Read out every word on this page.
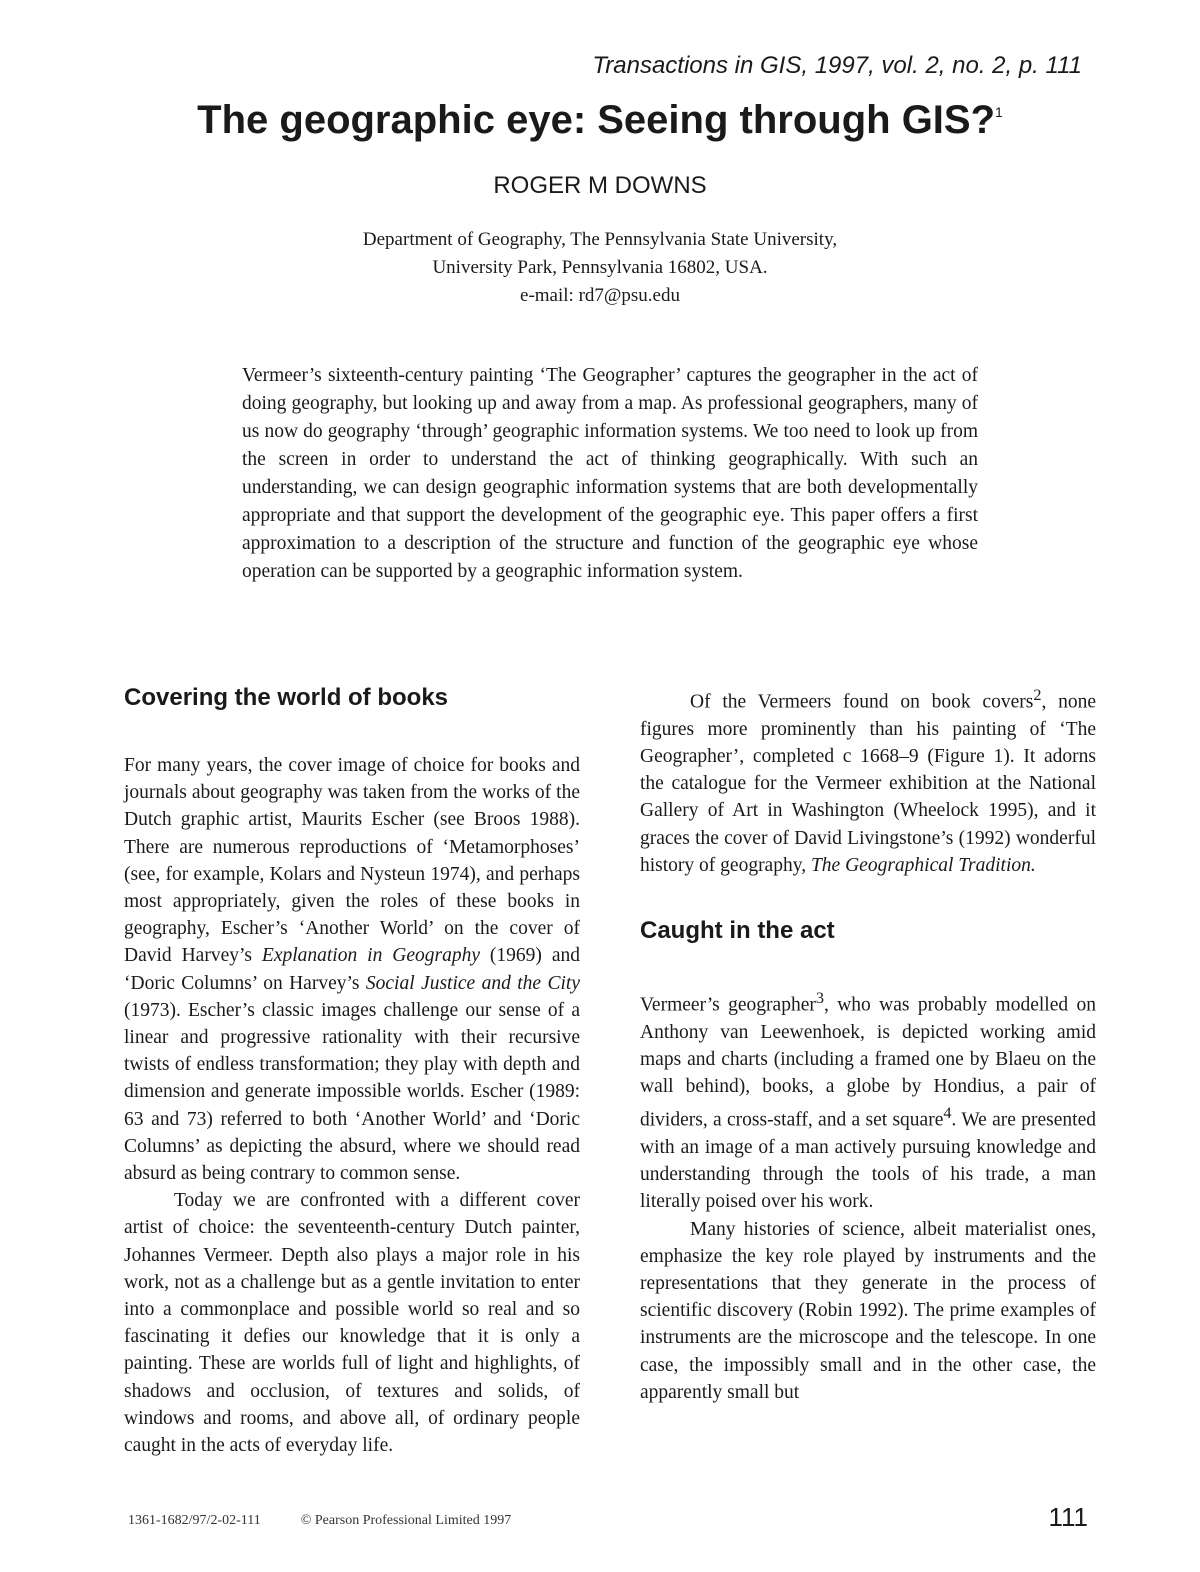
Transactions in GIS, 1997, vol. 2, no. 2, p. 111
The geographic eye: Seeing through GIS?$^1$
ROGER M DOWNS
Department of Geography, The Pennsylvania State University,
University Park, Pennsylvania 16802, USA.
e-mail: rd7@psu.edu

Vermeer’s sixteenth-century painting ‘The Geographer’ captures the geographer in the act of doing geography, but looking up and away from a map. As professional geographers, many of us now do geography ‘through’ geographic information systems. We too need to look up from the screen in order to understand the act of thinking geographically. With such an understanding, we can design geographic information systems that are both developmentally appropriate and that support the development of the geographic eye. This paper offers a first approximation to a description of the structure and function of the geographic eye whose operation can be supported by a geographic information system.

Covering the world of books

For many years, the cover image of choice for books and journals about geography was taken from the works of the Dutch graphic artist, Maurits Escher (see Broos 1988). There are numerous reproductions of ‘Metamorphoses’ (see, for example, Kolars and Nysteun 1974), and perhaps most appropriately, given the roles of these books in geography, Escher’s ‘Another World’ on the cover of David Harvey’s Explanation in Geography (1969) and ‘Doric Columns’ on Harvey’s Social Justice and the City (1973). Escher’s classic images challenge our sense of a linear and progressive rationality with their recursive twists of endless transformation; they play with depth and dimension and generate impossible worlds. Escher (1989: 63 and 73) referred to both ‘Another World’ and ‘Doric Columns’ as depicting the absurd, where we should read absurd as being contrary to common sense.

Today we are confronted with a different cover artist of choice: the seventeenth-century Dutch painter, Johannes Vermeer. Depth also plays a major role in his work, not as a challenge but as a gentle invitation to enter into a commonplace and possible world so real and so fascinating it defies our knowledge that it is only a painting. These are worlds full of light and highlights, of shadows and occlusion, of textures and solids, of windows and rooms, and above all, of ordinary people caught in the acts of everyday life.

Of the Vermeers found on book covers$^2$, none figures more prominently than his painting of ‘The Geographer’, completed c 1668–9 (Figure 1). It adorns the catalogue for the Vermeer exhibition at the National Gallery of Art in Washington (Wheelock 1995), and it graces the cover of David Livingstone’s (1992) wonderful history of geography, The Geographical Tradition.

Caught in the act

Vermeer’s geographer$^3$, who was probably modelled on Anthony van Leewenhoek, is depicted working amid maps and charts (including a framed one by Blaeu on the wall behind), books, a globe by Hondius, a pair of dividers, a cross-staff, and a set square$^4$. We are presented with an image of a man actively pursuing knowledge and understanding through the tools of his trade, a man literally poised over his work.

Many histories of science, albeit materialist ones, emphasize the key role played by instruments and the representations that they generate in the process of scientific discovery (Robin 1992). The prime examples of instruments are the microscope and the telescope. In one case, the impossibly small and in the other case, the apparently small but

1361-1682/97/2-02-111	© Pearson Professional Limited 1997	111
